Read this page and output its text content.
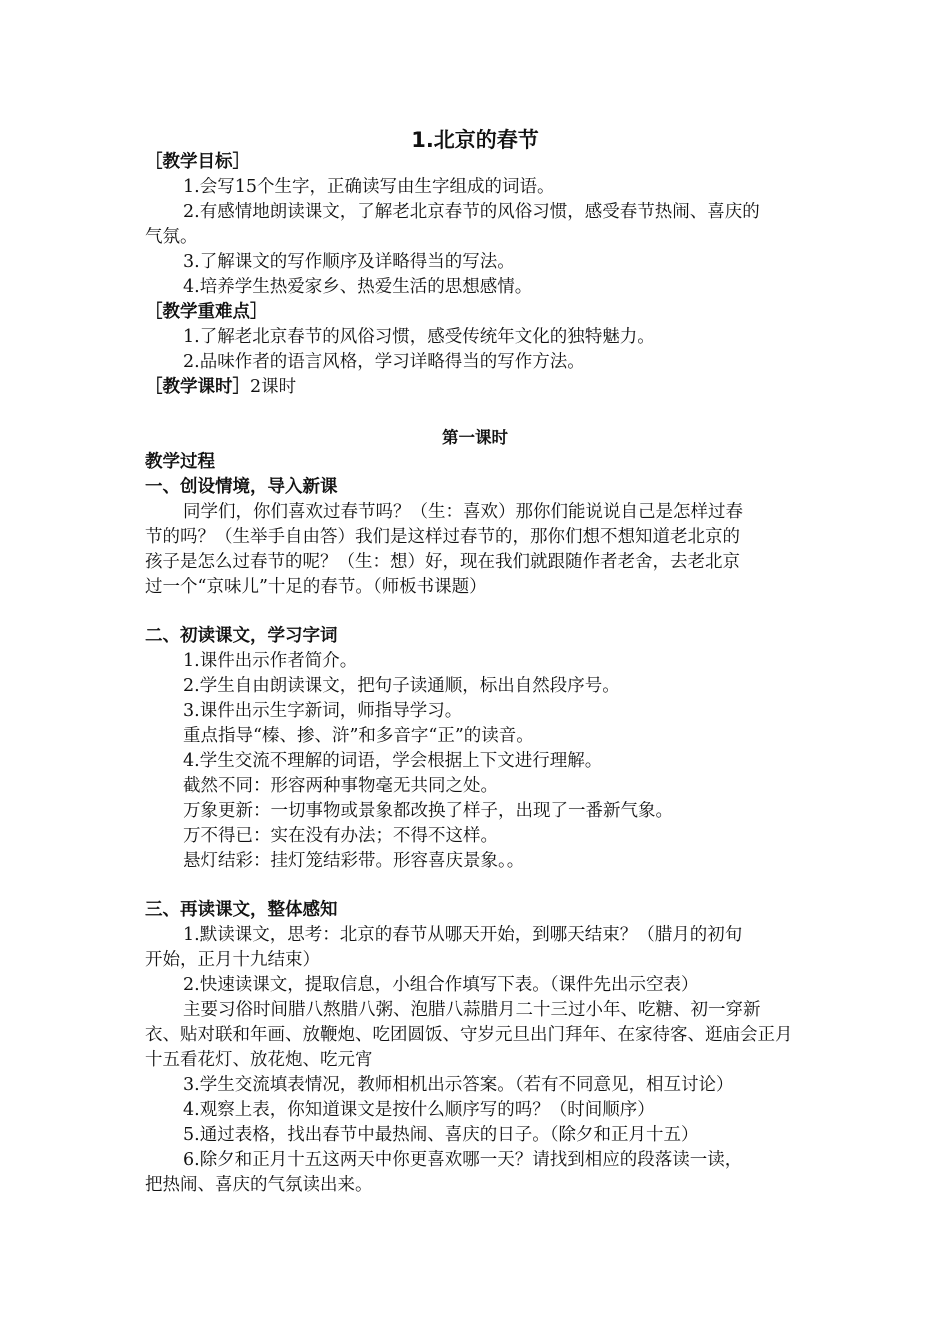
1.北京的春节
［教学目标］
1.会写15个生字，正确读写由生字组成的词语。
2.有感情地朗读课文，了解老北京春节的风俗习惯，感受春节热闹、喜庆的
气氛。
3.了解课文的写作顺序及详略得当的写法。
4.培养学生热爱家乡、热爱生活的思想感情。
［教学重难点］
1.了解老北京春节的风俗习惯，感受传统年文化的独特魅力。
2.品味作者的语言风格，学习详略得当的写作方法。
［教学课时］2课时
第一课时
教学过程
一、创设情境，导入新课
同学们，你们喜欢过春节吗？（生：喜欢）那你们能说说自己是怎样过春
节的吗？（生举手自由答）我们是这样过春节的，那你们想不想知道老北京的
孩子是怎么过春节的呢？（生：想）好，现在我们就跟随作者老舍，去老北京
过一个“京味儿”十足的春节。（师板书课题）
二、初读课文，学习字词
1.课件出示作者简介。
2.学生自由朗读课文，把句子读通顺，标出自然段序号。
3.课件出示生字新词，师指导学习。
重点指导“榛、掺、浒”和多音字“正”的读音。
4.学生交流不理解的词语，学会根据上下文进行理解。
截然不同：形容两种事物毫无共同之处。
万象更新：一切事物或景象都改换了样子，出现了一番新气象。
万不得已：实在没有办法；不得不这样。
悬灯结彩：挂灯笼结彩带。形容喜庆景象。。
三、再读课文，整体感知
1.默读课文，思考：北京的春节从哪天开始，到哪天结束？（腊月的初旬
开始，正月十九结束）
2.快速读课文，提取信息，小组合作填写下表。（课件先出示空表）
主要习俗时间腊八熬腊八粥、泡腊八蒜腊月二十三过小年、吃糖、初一穿新
衣、贴对联和年画、放鞭炮、吃团圆饭、守岁元旦出门拜年、在家待客、逛庙会正月
十五看花灯、放花炮、吃元宵
3.学生交流填表情况，教师相机出示答案。（若有不同意见，相互讨论）
4.观察上表，你知道课文是按什么顺序写的吗？（时间顺序）
5.通过表格，找出春节中最热闹、喜庆的日子。（除夕和正月十五）
6.除夕和正月十五这两天中你更喜欢哪一天？请找到相应的段落读一读，
把热闹、喜庆的气氛读出来。
